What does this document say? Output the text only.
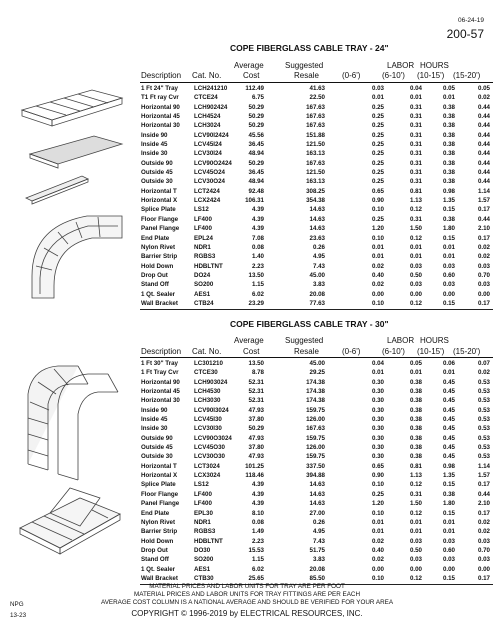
06-24-19
200-57
COPE FIBERGLASS CABLE TRAY - 24"
Average	Suggested	LABOR HOURS
Description Cat. No.	Cost	Resale	(0-6')	(6-10') (10-15') (15-20')
1 Ft 24" Tray	LCH241210	112.49	41.63	0.03	0.04	0.05	0.05
T1 Ft ray Cvr CTCE24	6.75	22.50	0.01	0.01	0.01	0.02
Horizontal 90 LCH902424	50.29	167.63	0.25	0.31	0.38	0.44
Horizontal 45 LCH4524	50.29	167.63	0.25	0.31	0.38	0.44
Horizontal 30 LCH3024	50.29	167.63	0.25	0.31	0.38	0.44
Inside 90	LCV90I2424	45.56	151.88	0.25	0.31	0.38	0.44
Inside 45	LCV45I24	36.45	121.50	0.25	0.31	0.38	0.44
Inside 30	LCV30I24	48.94	163.13	0.25	0.31	0.38	0.44
Outside 90	LCV90O2424	50.29	167.63	0.25	0.31	0.38	0.44
Outside 45	LCV45O24	36.45	121.50	0.25	0.31	0.38	0.44
Outside 30	LCV30O24	48.94	163.13	0.25	0.31	0.38	0.44
Horizontal T	LCT2424	92.48	308.25	0.65	0.81	0.98	1.14
Horizontal X	LCX2424	106.31	354.38	0.90	1.13	1.35	1.57
Splice Plate	LS12	4.39	14.63	0.10	0.12	0.15	0.17
Floor Flange	LF400	4.39	14.63	0.25	0.31	0.38	0.44
Panel Flange LF400	4.39	14.63	1.20	1.50	1.80	2.10
End Plate	EPL24	7.08	23.63	0.10	0.12	0.15	0.17
Nylon Rivet	NDR1	0.08	0.26	0.01	0.01	0.01	0.02
Barrier Strip	RGBS3	1.40	4.95	0.01	0.01	0.01	0.02
Hold Down	HDBLTNT	2.23	7.43	0.02	0.03	0.03	0.03
Drop Out	DO24	13.50	45.00	0.40	0.50	0.60	0.70
Stand Off	SO200	1.15	3.83	0.02	0.03	0.03	0.03
1 Qt. Sealer	AES1	6.02	20.08	0.00	0.00	0.00	0.00
Wall Bracket	CTB24	23.29	77.63	0.10	0.12	0.15	0.17
COPE FIBERGLASS CABLE TRAY - 30"
Average	Suggested	LABOR HOURS
Description Cat. No.	Cost	Resale	(0-6')	(6-10') (10-15') (15-20')
1 Ft 30" Tray	LC301210	13.50	45.00	0.04	0.05	0.06	0.07
1 Ft Tray Cvr	CTCE30	8.78	29.25	0.01	0.01	0.01	0.02
Horizontal 90 LCH903024	52.31	174.38	0.30	0.38	0.45	0.53
Horizontal 45 LCH4530	52.31	174.38	0.30	0.38	0.45	0.53
Horizontal 30 LCH3030	52.31	174.38	0.30	0.38	0.45	0.53
Inside 90	LCV90I3024	47.93	159.75	0.30	0.38	0.45	0.53
Inside 45	LCV45I30	37.80	126.00	0.30	0.38	0.45	0.53
Inside 30	LCV30I30	50.29	167.63	0.30	0.38	0.45	0.53
Outside 90	LCV90O3024	47.93	159.75	0.30	0.38	0.45	0.53
Outside 45	LCV45O30	37.80	126.00	0.30	0.38	0.45	0.53
Outside 30	LCV30O30	47.93	159.75	0.30	0.38	0.45	0.53
Horizontal T	LCT3024	101.25	337.50	0.65	0.81	0.98	1.14
Horizontal X	LCX3024	118.46	394.88	0.90	1.13	1.35	1.57
Splice Plate	LS12	4.39	14.63	0.10	0.12	0.15	0.17
Floor Flange	LF400	4.39	14.63	0.25	0.31	0.38	0.44
Panel Flange LF400	4.39	14.63	1.20	1.50	1.80	2.10
End Plate	EPL30	8.10	27.00	0.10	0.12	0.15	0.17
Nylon Rivet	NDR1	0.08	0.26	0.01	0.01	0.01	0.02
Barrier Strip	RGBS3	1.49	4.95	0.01	0.01	0.01	0.02
Hold Down	HDBLTNT	2.23	7.43	0.02	0.03	0.03	0.03
Drop Out	DO30	15.53	51.75	0.40	0.50	0.60	0.70
Stand Off	SO200	1.15	3.83	0.02	0.03	0.03	0.03
1 Qt. Sealer	AES1	6.02	20.08	0.00	0.00	0.00	0.00
Wall Bracket	CTB30	25.65	85.50	0.10	0.12	0.15	0.17
MATERIAL PRICES AND LABOR UNITS FOR TRAY ARE PER FOOT
MATERIAL PRICES AND LABOR UNITS FOR TRAY FITTINGS ARE PER EACH
AVERAGE COST COLUMN IS A NATIONAL AVERAGE AND SHOULD BE VERIFIED FOR YOUR AREA
COPYRIGHT © 1996-2019 by ELECTRICAL RESOURCES, INC.
NPG
13-23
